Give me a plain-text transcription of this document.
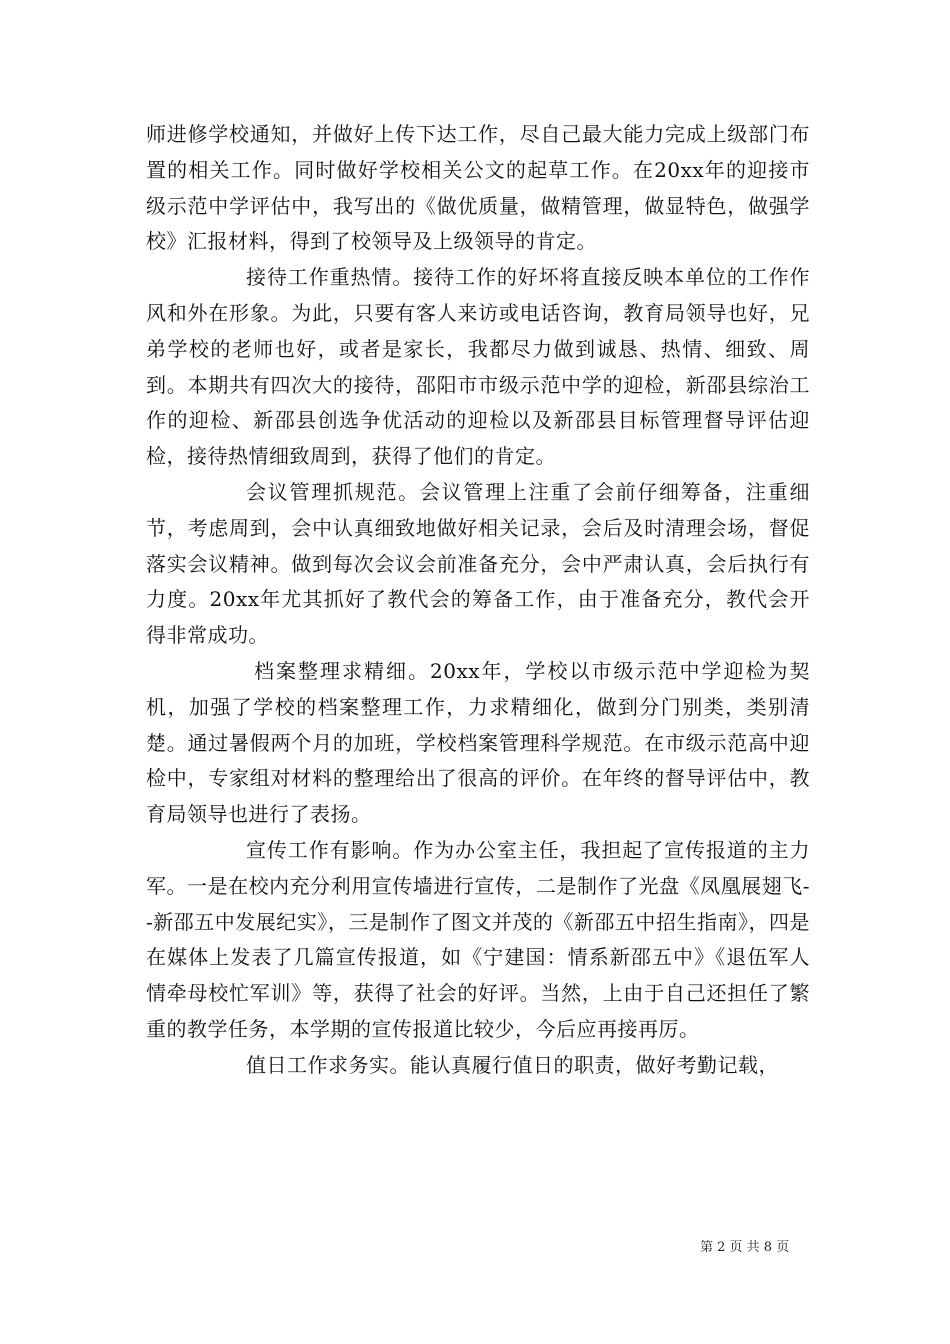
师进修学校通知，并做好上传下达工作，尽自己最大能力完成上级部门布置的相关工作。同时做好学校相关公文的起草工作。在20xx年的迎接市级示范中学评估中，我写出的《做优质量，做精管理，做显特色，做强学校》汇报材料，得到了校领导及上级领导的肯定。

接待工作重热情。接待工作的好坏将直接反映本单位的工作作风和外在形象。为此，只要有客人来访或电话咨询，教育局领导也好，兄弟学校的老师也好，或者是家长，我都尽力做到诚恳、热情、细致、周到。本期共有四次大的接待，邵阳市市级示范中学的迎检，新邵县综治工作的迎检、新邵县创选争优活动的迎检以及新邵县目标管理督导评估迎检，接待热情细致周到，获得了他们的肯定。

会议管理抓规范。会议管理上注重了会前仔细筹备，注重细节，考虑周到，会中认真细致地做好相关记录，会后及时清理会场，督促落实会议精神。做到每次会议会前准备充分，会中严肃认真，会后执行有力度。20xx年尤其抓好了教代会的筹备工作，由于准备充分，教代会开得非常成功。

档案整理求精细。20xx年，学校以市级示范中学迎检为契机，加强了学校的档案整理工作，力求精细化，做到分门别类，类别清楚。通过暑假两个月的加班，学校档案管理科学规范。在市级示范高中迎检中，专家组对材料的整理给出了很高的评价。在年终的督导评估中，教育局领导也进行了表扬。

宣传工作有影响。作为办公室主任，我担起了宣传报道的主力军。一是在校内充分利用宣传墙进行宣传，二是制作了光盘《凤凰展翅飞--新邵五中发展纪实》，三是制作了图文并茂的《新邵五中招生指南》，四是在媒体上发表了几篇宣传报道，如《宁建国：情系新邵五中》《退伍军人情牵母校忙军训》等，获得了社会的好评。当然，上由于自己还担任了繁重的教学任务，本学期的宣传报道比较少，今后应再接再厉。

值日工作求务实。能认真履行值日的职责，做好考勤记载，

第 2 页 共 8 页
